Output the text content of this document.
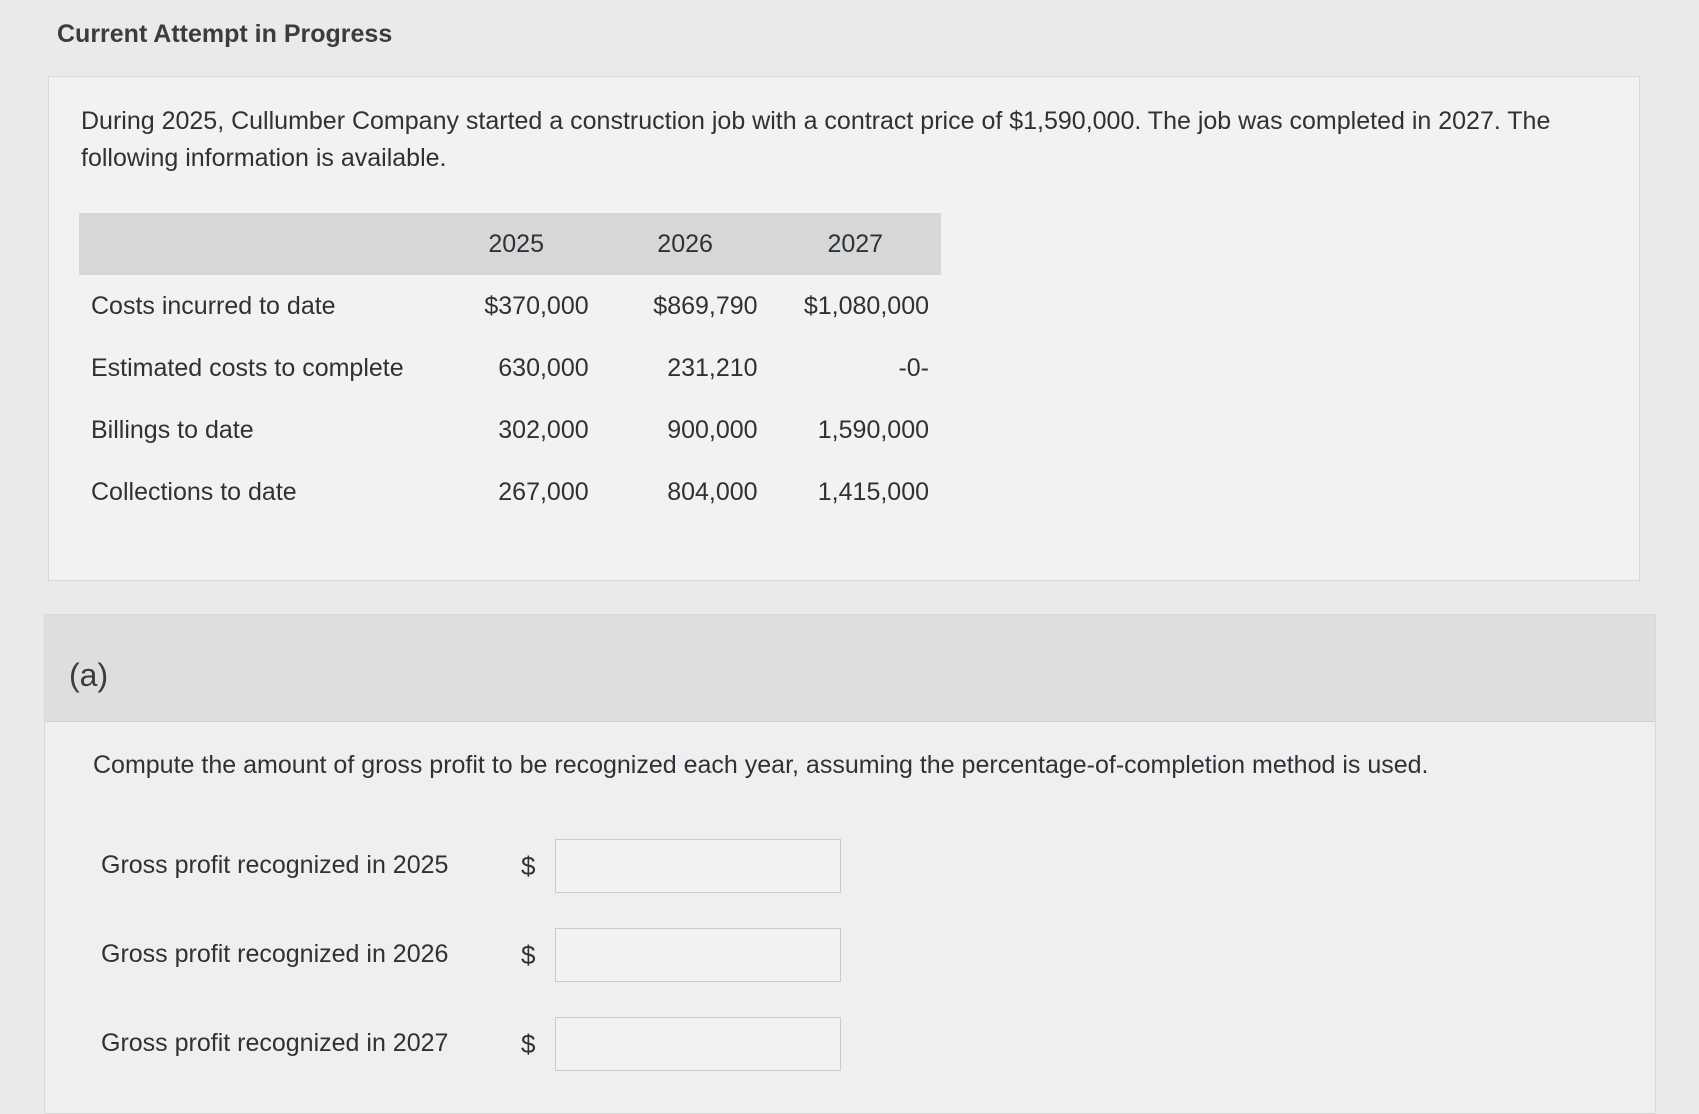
Current Attempt in Progress
During 2025, Cullumber Company started a construction job with a contract price of $1,590,000. The job was completed in 2027. The following information is available.
	2025	2026	2027
Costs incurred to date	$370,000	$869,790	$1,080,000
Estimated costs to complete	630,000	231,210	-0-
Billings to date	302,000	900,000	1,590,000
Collections to date	267,000	804,000	1,415,000
(a)
Compute the amount of gross profit to be recognized each year, assuming the percentage-of-completion method is used.
Gross profit recognized in 2025	$
Gross profit recognized in 2026	$
Gross profit recognized in 2027	$
